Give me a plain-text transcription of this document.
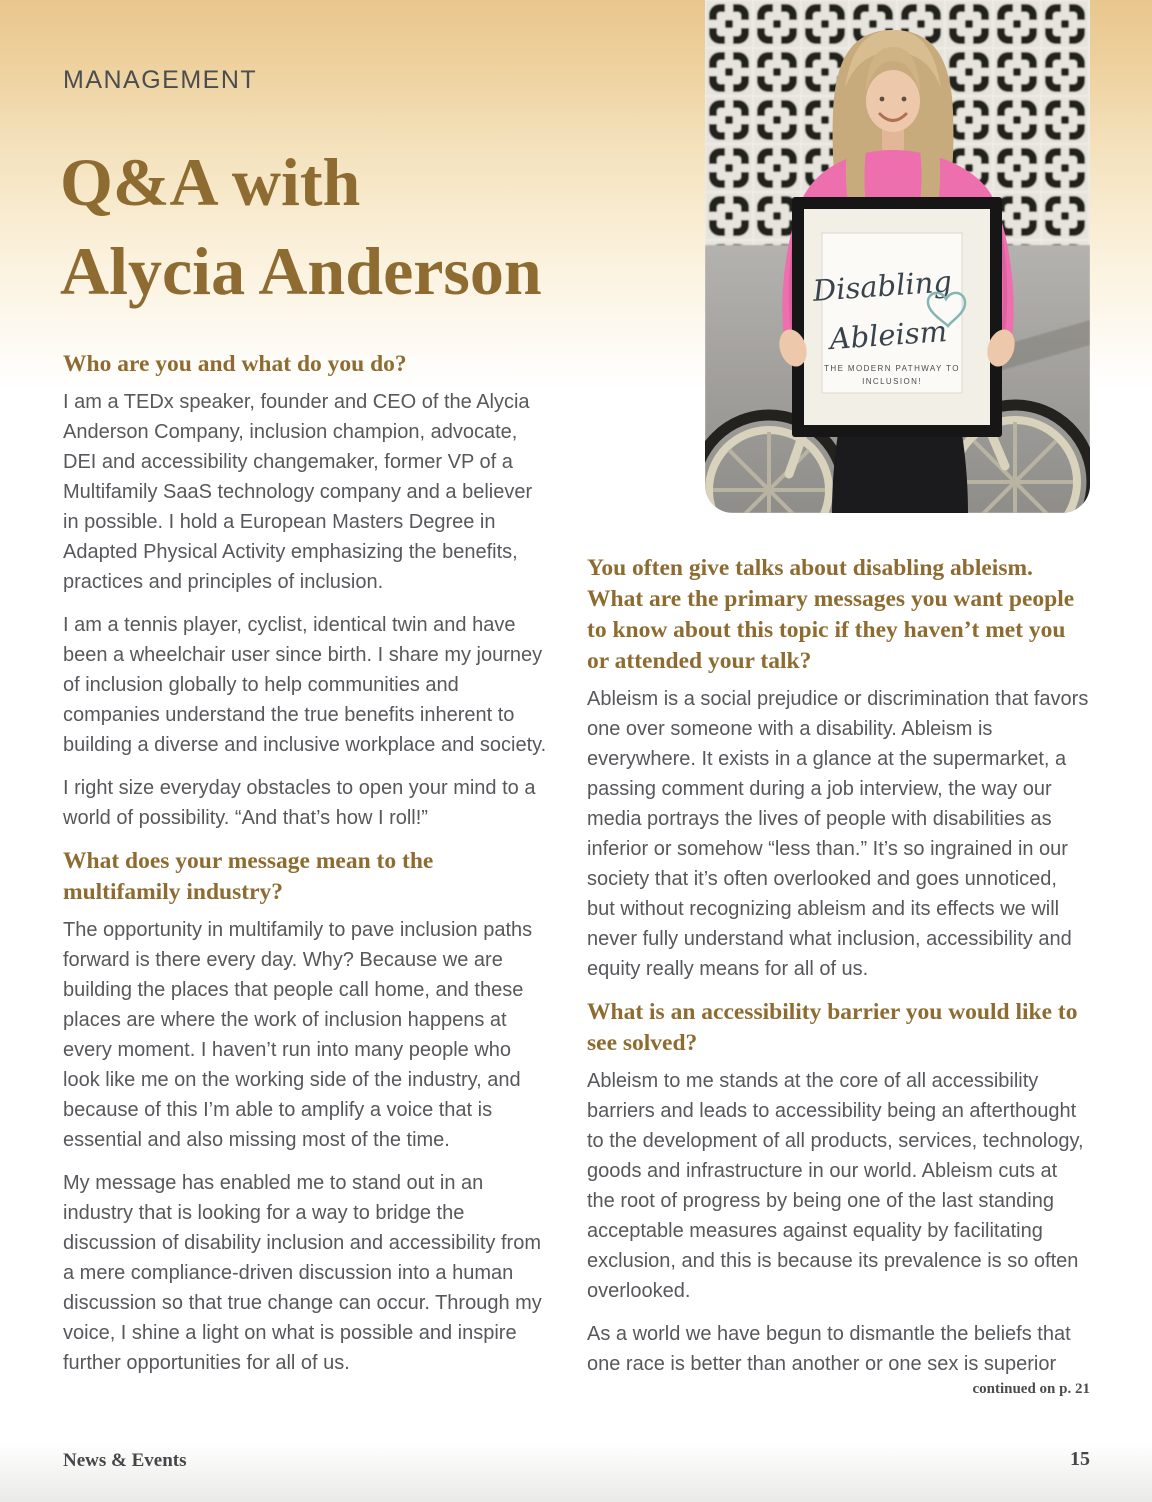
MANAGEMENT
Q&A with
Alycia Anderson	Disabling
Ableism
THE MODERN PATHWAY TO
INCLUSION!
Who are you and what do you do?

I am a TEDx speaker, founder and CEO of the Alycia Anderson Company, inclusion champion, advocate, DEI and accessibility changemaker, former VP of a Multifamily SaaS technology company and a believer in possible. I hold a European Masters Degree in Adapted Physical Activity emphasizing the benefits, practices and principles of inclusion.

I am a tennis player, cyclist, identical twin and have been a wheelchair user since birth. I share my journey of inclusion globally to help communities and companies understand the true benefits inherent to building a diverse and inclusive workplace and society.

I right size everyday obstacles to open your mind to a world of possibility. “And that’s how I roll!”

What does your message mean to the multifamily industry?

The opportunity in multifamily to pave inclusion paths forward is there every day. Why? Because we are building the places that people call home, and these places are where the work of inclusion happens at every moment. I haven’t run into many people who look like me on the working side of the industry, and because of this I’m able to amplify a voice that is essential and also missing most of the time.

My message has enabled me to stand out in an industry that is looking for a way to bridge the discussion of disability inclusion and accessibility from a mere compliance-driven discussion into a human discussion so that true change can occur. Through my voice, I shine a light on what is possible and inspire further opportunities for all of us.

You often give talks about disabling ableism. What are the primary messages you want people to know about this topic if they haven’t met you or attended your talk?

Ableism is a social prejudice or discrimination that favors one over someone with a disability. Ableism is everywhere. It exists in a glance at the supermarket, a passing comment during a job interview, the way our media portrays the lives of people with disabilities as inferior or somehow “less than.” It’s so ingrained in our society that it’s often overlooked and goes unnoticed, but without recognizing ableism and its effects we will never fully understand what inclusion, accessibility and equity really means for all of us.

What is an accessibility barrier you would like to see solved?

Ableism to me stands at the core of all accessibility barriers and leads to accessibility being an afterthought to the development of all products, services, technology, goods and infrastructure in our world. Ableism cuts at the root of progress by being one of the last standing acceptable measures against equality by facilitating exclusion, and this is because its prevalence is so often overlooked.

As a world we have begun to dismantle the beliefs that one race is better than another or one sex is superior

continued on p. 21
News & Events	15
